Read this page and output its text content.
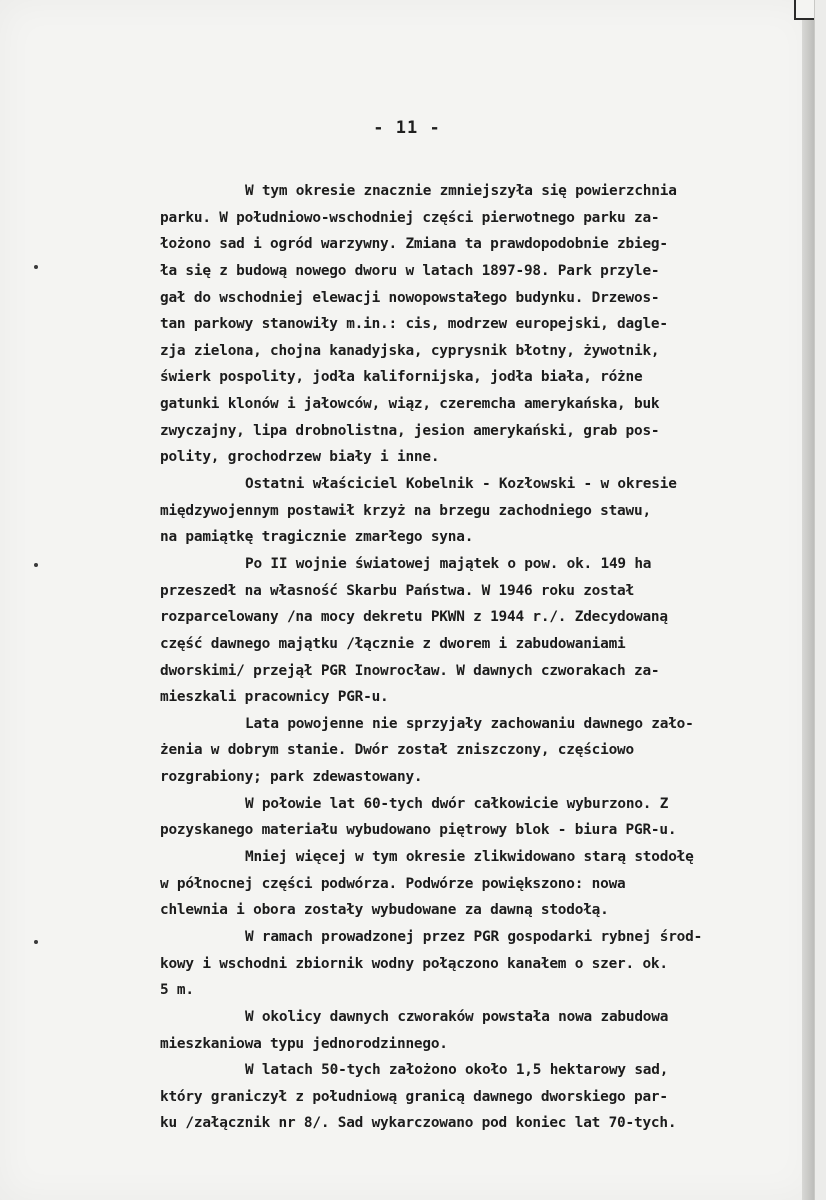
- 11 -
W tym okresie znacznie zmniejszyła się powierzchnia
parku. W południowo-wschodniej części pierwotnego parku za-
łożono sad i ogród warzywny. Zmiana ta prawdopodobnie zbieg-
ła się z budową nowego dworu w latach 1897-98. Park przyle-
gał do wschodniej elewacji nowopowstałego budynku. Drzewos-
tan parkowy stanowiły m.in.: cis, modrzew europejski, dagle-
zja zielona, chojna kanadyjska, cyprysnik błotny, żywotnik,
świerk pospolity, jodła kalifornijska, jodła biała, różne
gatunki klonów i jałowców, wiąz, czeremcha amerykańska, buk
zwyczajny, lipa drobnolistna, jesion amerykański, grab pos-
polity, grochodrzew biały i inne.
Ostatni właściciel Kobelnik - Kozłowski - w okresie
międzywojennym postawił krzyż na brzegu zachodniego stawu,
na pamiątkę tragicznie zmarłego syna.
Po II wojnie światowej majątek o pow. ok. 149 ha
przeszedł na własność Skarbu Państwa. W 1946 roku został
rozparcelowany /na mocy dekretu PKWN z 1944 r./. Zdecydowaną
część dawnego majątku /łącznie z dworem i zabudowaniami
dworskimi/ przejął PGR Inowrocław. W dawnych czworakach za-
mieszkali pracownicy PGR-u.
Lata powojenne nie sprzyjały zachowaniu dawnego zało-
żenia w dobrym stanie. Dwór został zniszczony, częściowo
rozgrabiony; park zdewastowany.
W połowie lat 60-tych dwór całkowicie wyburzono. Z
pozyskanego materiału wybudowano piętrowy blok - biura PGR-u.
Mniej więcej w tym okresie zlikwidowano starą stodołę
w północnej części podwórza. Podwórze powiększono: nowa
chlewnia i obora zostały wybudowane za dawną stodołą.
W ramach prowadzonej przez PGR gospodarki rybnej środ-
kowy i wschodni zbiornik wodny połączono kanałem o szer. ok.
5 m.
W okolicy dawnych czworaków powstała nowa zabudowa
mieszkaniowa typu jednorodzinnego.
W latach 50-tych założono około 1,5 hektarowy sad,
który graniczył z południową granicą dawnego dworskiego par-
ku /załącznik nr 8/. Sad wykarczowano pod koniec lat 70-tych.
